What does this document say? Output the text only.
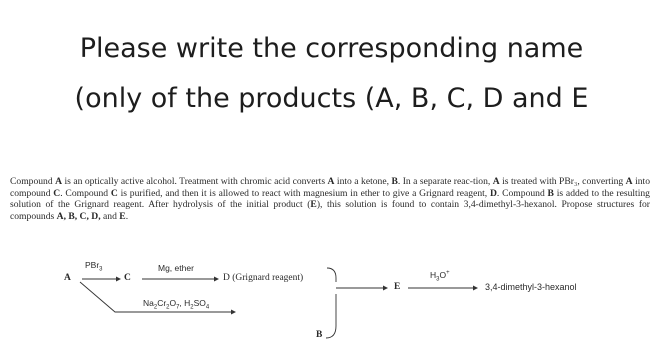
Please write the corresponding name
(only of the products (A, B, C, D and E

Compound A is an optically active alcohol. Treatment with chromic acid converts A into a ketone, B. In a separate reac-tion, A is treated with PBr₃, converting A into compound C. Compound C is purified, and then it is allowed to react with magnesium in ether to give a Grignard reagent, D. Compound B is added to the resulting solution of the Grignard reagent. After hydrolysis of the initial product (E), this solution is found to contain 3,4-dimethyl-3-hexanol. Propose structures for compounds A, B, C, D, and E.

A
PBr$_3$
C
Mg, ether
D (Grignard reagent)
$Na_2Cr_2O_7$, $H_2SO_4$
B
E
$H_3O^+$
3,4-dimethyl-3-hexanol
